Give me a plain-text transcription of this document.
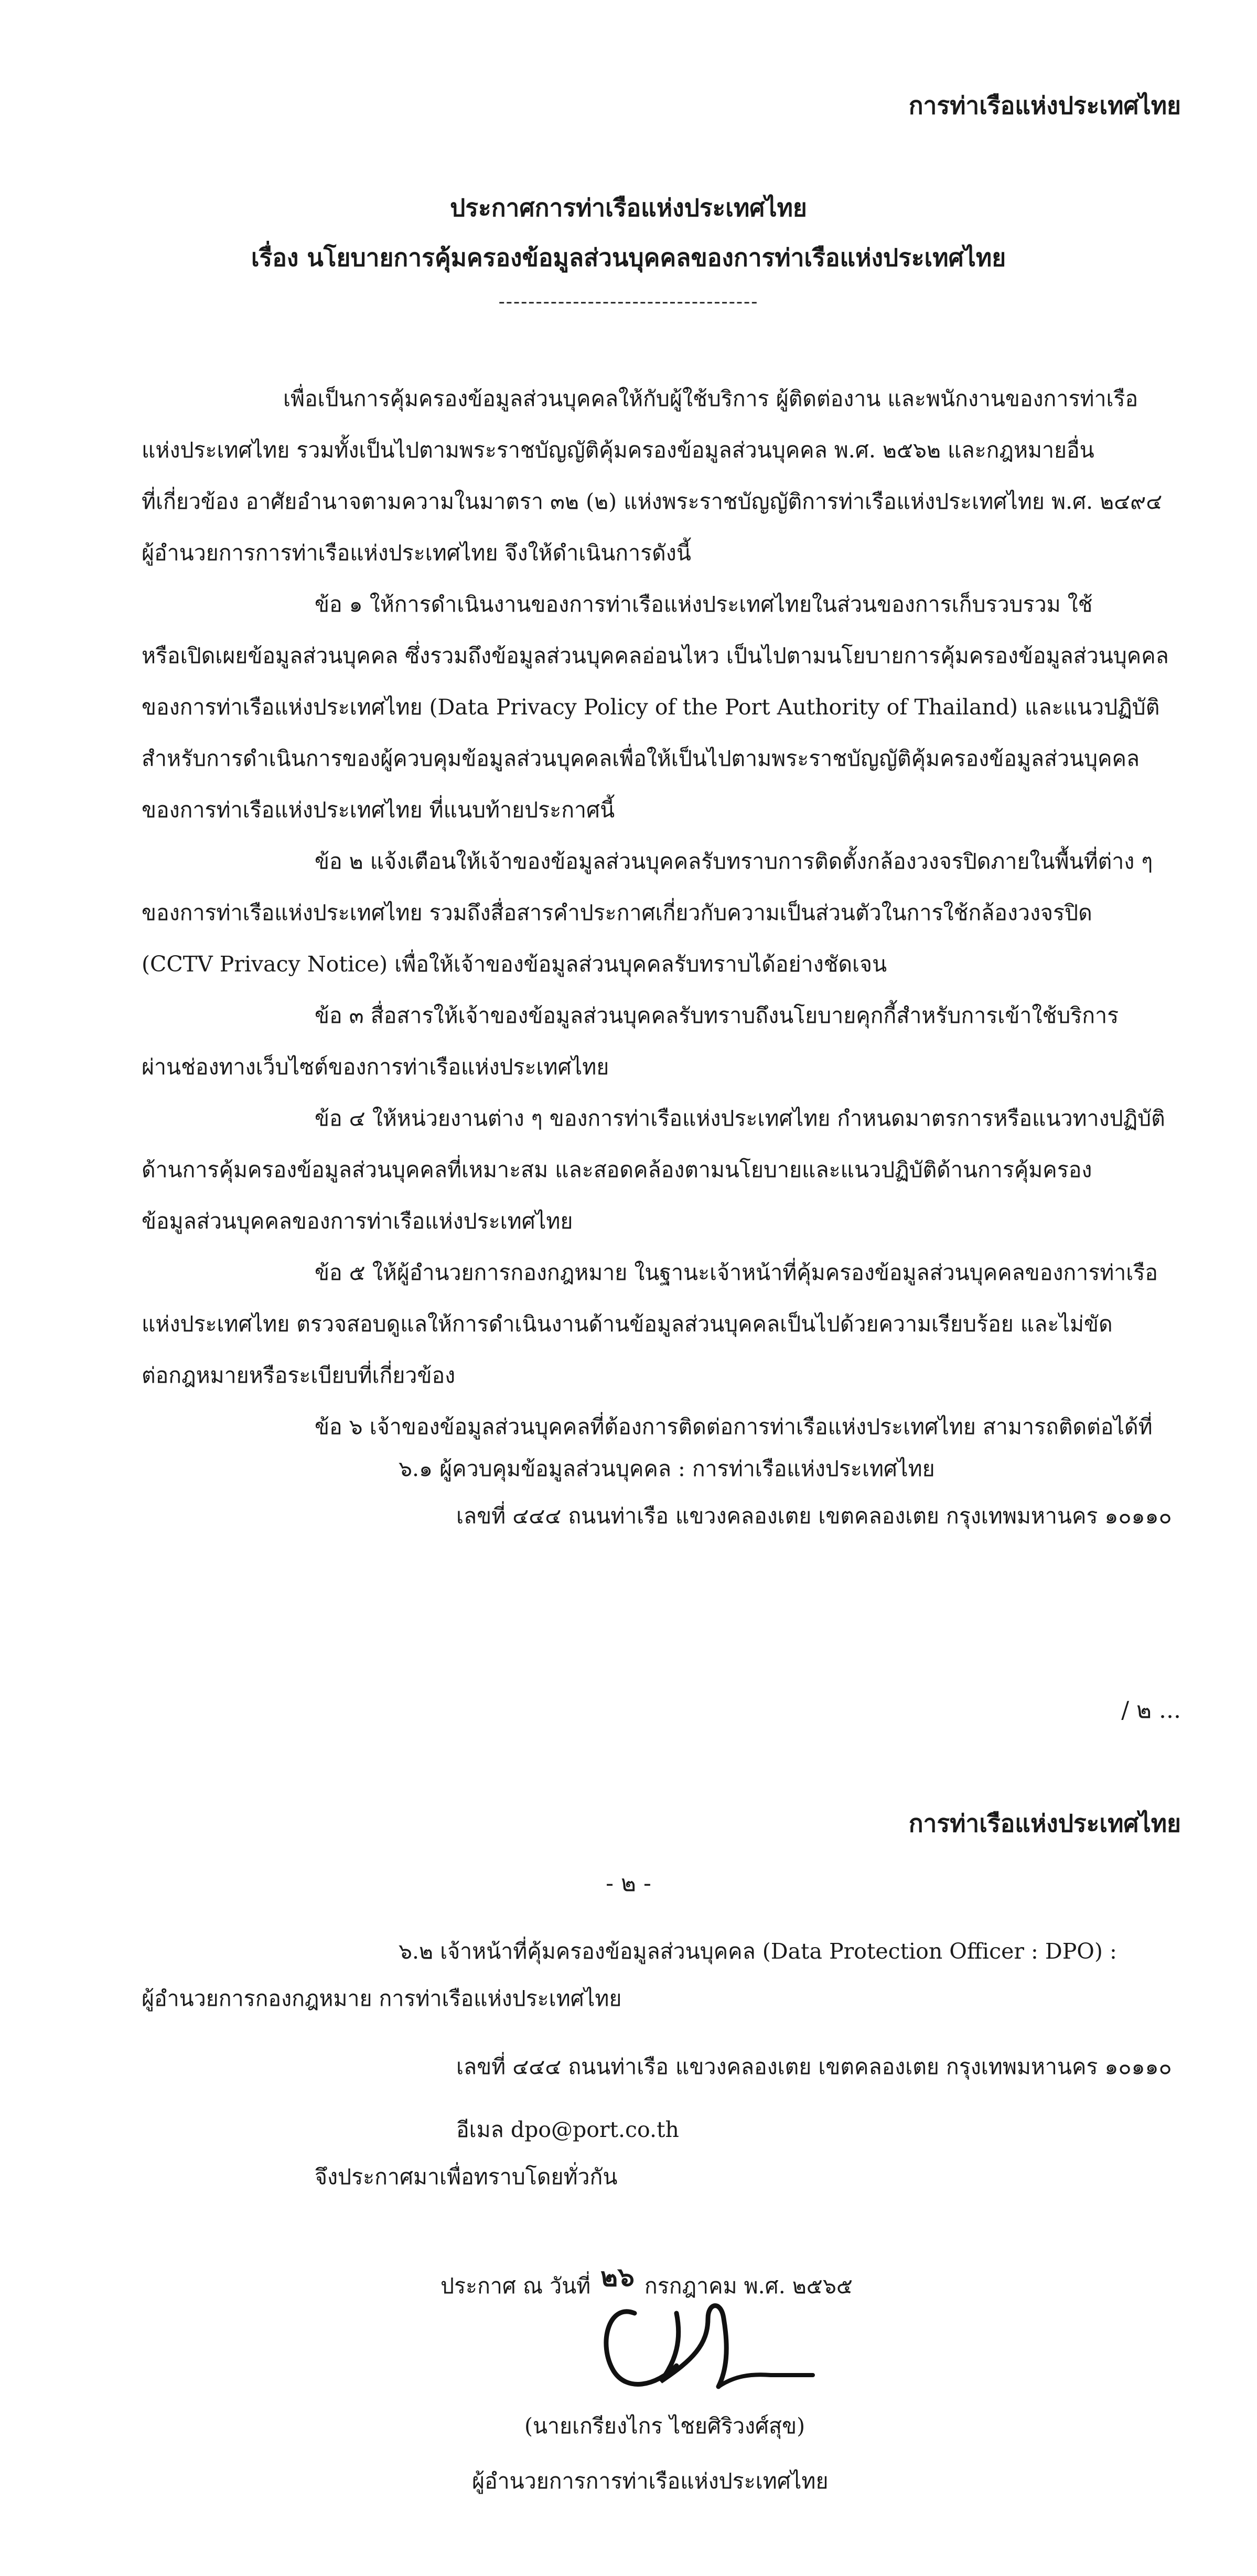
การท่าเรือแห่งประเทศไทย
ประกาศการท่าเรือแห่งประเทศไทย
เรื่อง นโยบายการคุ้มครองข้อมูลส่วนบุคคลของการท่าเรือแห่งประเทศไทย
-----------------------------------
เพื่อเป็นการคุ้มครองข้อมูลส่วนบุคคลให้กับผู้ใช้บริการ ผู้ติดต่องาน และพนักงานของการท่าเรือ
แห่งประเทศไทย รวมทั้งเป็นไปตามพระราชบัญญัติคุ้มครองข้อมูลส่วนบุคคล พ.ศ. ๒๕๖๒ และกฎหมายอื่น
ที่เกี่ยวข้อง อาศัยอำนาจตามความในมาตรา ๓๒ (๒) แห่งพระราชบัญญัติการท่าเรือแห่งประเทศไทย พ.ศ. ๒๔๙๔
ผู้อำนวยการการท่าเรือแห่งประเทศไทย จึงให้ดำเนินการดังนี้
ข้อ ๑ ให้การดำเนินงานของการท่าเรือแห่งประเทศไทยในส่วนของการเก็บรวบรวม ใช้
หรือเปิดเผยข้อมูลส่วนบุคคล ซึ่งรวมถึงข้อมูลส่วนบุคคลอ่อนไหว เป็นไปตามนโยบายการคุ้มครองข้อมูลส่วนบุคคล
ของการท่าเรือแห่งประเทศไทย (Data Privacy Policy of the Port Authority of Thailand) และแนวปฏิบัติ
สำหรับการดำเนินการของผู้ควบคุมข้อมูลส่วนบุคคลเพื่อให้เป็นไปตามพระราชบัญญัติคุ้มครองข้อมูลส่วนบุคคล
ของการท่าเรือแห่งประเทศไทย ที่แนบท้ายประกาศนี้
ข้อ ๒ แจ้งเตือนให้เจ้าของข้อมูลส่วนบุคคลรับทราบการติดตั้งกล้องวงจรปิดภายในพื้นที่ต่าง ๆ
ของการท่าเรือแห่งประเทศไทย รวมถึงสื่อสารคำประกาศเกี่ยวกับความเป็นส่วนตัวในการใช้กล้องวงจรปิด
(CCTV Privacy Notice) เพื่อให้เจ้าของข้อมูลส่วนบุคคลรับทราบได้อย่างชัดเจน
ข้อ ๓ สื่อสารให้เจ้าของข้อมูลส่วนบุคคลรับทราบถึงนโยบายคุกกี้สำหรับการเข้าใช้บริการ
ผ่านช่องทางเว็บไซต์ของการท่าเรือแห่งประเทศไทย
ข้อ ๔ ให้หน่วยงานต่าง ๆ ของการท่าเรือแห่งประเทศไทย กำหนดมาตรการหรือแนวทางปฏิบัติ
ด้านการคุ้มครองข้อมูลส่วนบุคคลที่เหมาะสม และสอดคล้องตามนโยบายและแนวปฏิบัติด้านการคุ้มครอง
ข้อมูลส่วนบุคคลของการท่าเรือแห่งประเทศไทย
ข้อ ๕ ให้ผู้อำนวยการกองกฎหมาย ในฐานะเจ้าหน้าที่คุ้มครองข้อมูลส่วนบุคคลของการท่าเรือ
แห่งประเทศไทย ตรวจสอบดูแลให้การดำเนินงานด้านข้อมูลส่วนบุคคลเป็นไปด้วยความเรียบร้อย และไม่ขัด
ต่อกฎหมายหรือระเบียบที่เกี่ยวข้อง
ข้อ ๖ เจ้าของข้อมูลส่วนบุคคลที่ต้องการติดต่อการท่าเรือแห่งประเทศไทย สามารถติดต่อได้ที่
๖.๑ ผู้ควบคุมข้อมูลส่วนบุคคล : การท่าเรือแห่งประเทศไทย
เลขที่ ๔๔๔ ถนนท่าเรือ แขวงคลองเตย เขตคลองเตย กรุงเทพมหานคร ๑๐๑๑๐
/ ๒ ...
การท่าเรือแห่งประเทศไทย
- ๒ -
๖.๒ เจ้าหน้าที่คุ้มครองข้อมูลส่วนบุคคล (Data Protection Officer : DPO) :
ผู้อำนวยการกองกฎหมาย การท่าเรือแห่งประเทศไทย
เลขที่ ๔๔๔ ถนนท่าเรือ แขวงคลองเตย เขตคลองเตย กรุงเทพมหานคร ๑๐๑๑๐
อีเมล dpo@port.co.th
จึงประกาศมาเพื่อทราบโดยทั่วกัน
ประกาศ ณ วันที่ ๒๖ กรกฎาคม พ.ศ. ๒๕๖๕
(นายเกรียงไกร ไชยศิริวงศ์สุข)
ผู้อำนวยการการท่าเรือแห่งประเทศไทย
